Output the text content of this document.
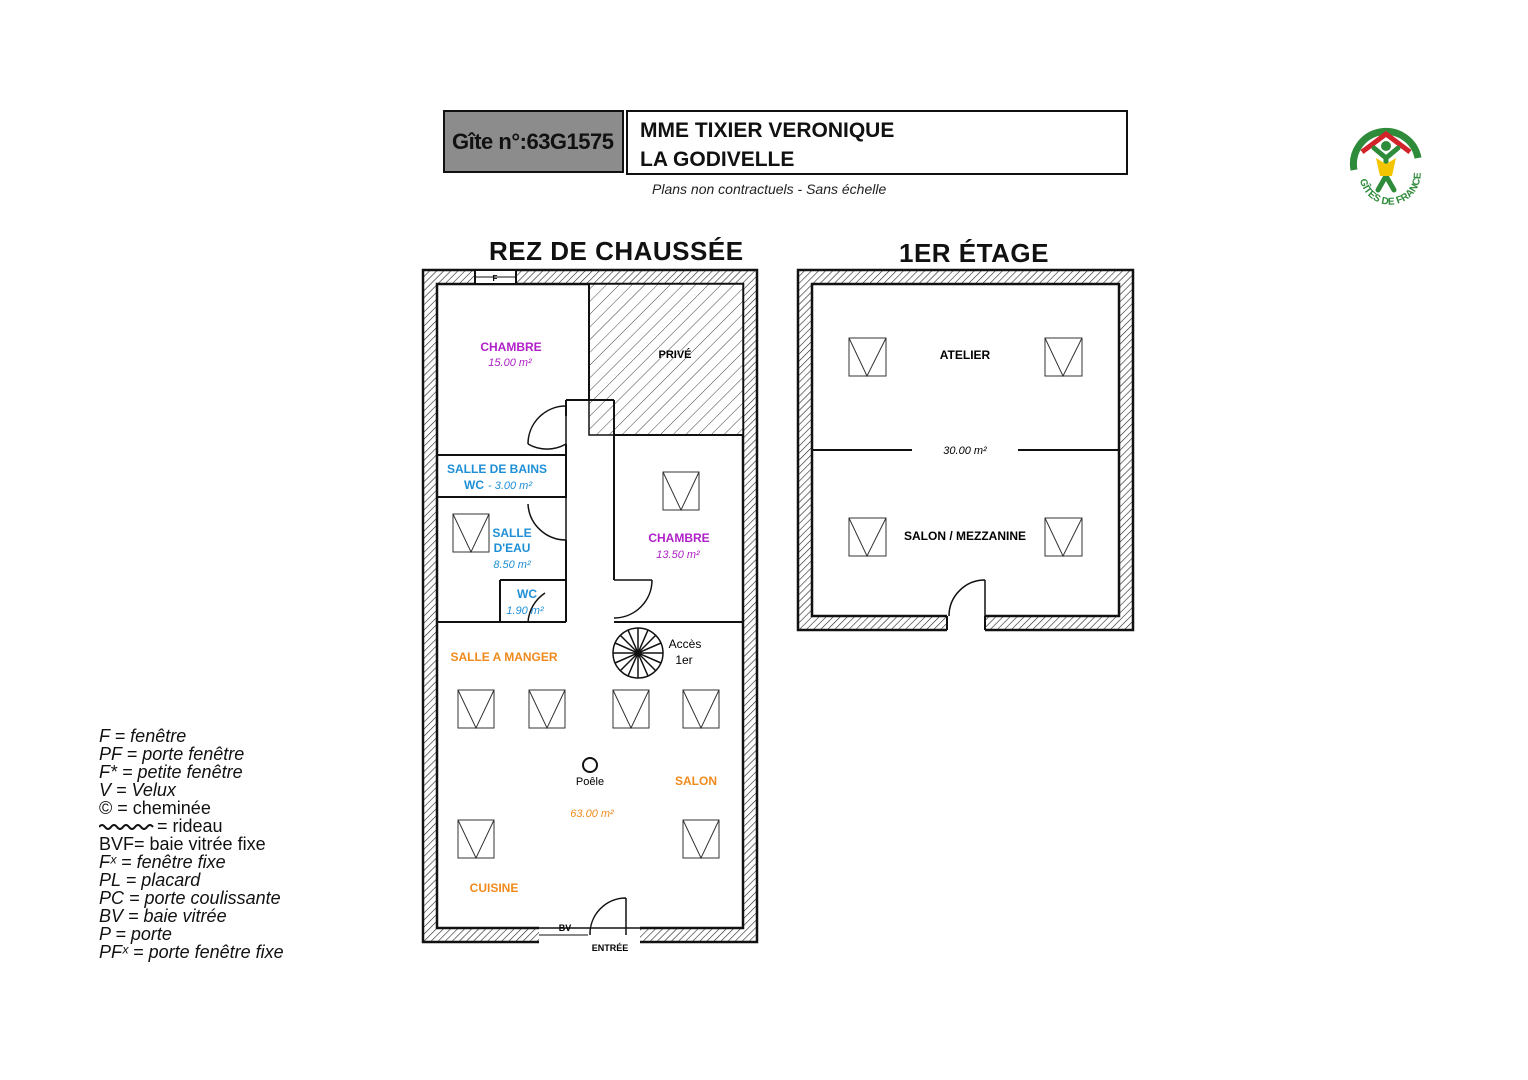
Gîte n°:63G1575 MME TIXIER VERONIQUE
LA GODIVELLE
Plans non contractuels - Sans échelle
REZ DE CHAUSSÉE	1ER ÉTAGE
F
CHAMBRE
15.00 m²
PRIVÉ
SALLE DE BAINS
WC - 3.00 m²
SALLE
D'EAU
8.50 m²
WC
1.90 m²
CHAMBRE
13.50 m²
Accès
1er
SALLE A MANGER
Poêle	SALON
63.00 m²
CUISINE
BV
ENTRÉE
ATELIER
30.00 m²
SALON / MEZZANINE
GÎTES DE FRANCE
F = fenêtre
PF = porte fenêtre
F* = petite fenêtre
V = Velux
© = cheminée
= rideau
BVF= baie vitrée fixe
Fˣ = fenêtre fixe
PL = placard
PC = porte coulissante
BV = baie vitrée
P = porte
PFˣ = porte fenêtre fixe
